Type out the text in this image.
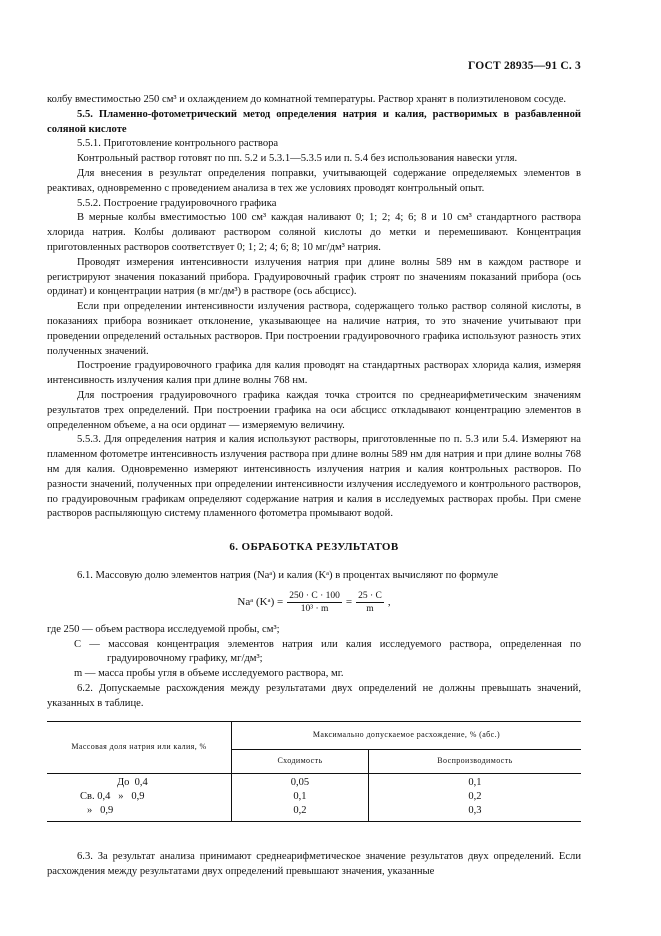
ГОСТ 28935—91 С. 3

колбу вместимостью 250 см³ и охлаждением до комнатной температуры. Раствор хранят в полиэтиленовом сосуде.

5.5. Пламенно-фотометрический метод определения натрия и калия, растворимых в разбавленной соляной кислоте

5.5.1. Приготовление контрольного раствора

Контрольный раствор готовят по пп. 5.2 и 5.3.1—5.3.5 или п. 5.4 без использования навески угля.

Для внесения в результат определения поправки, учитывающей содержание определяемых элементов в реактивах, одновременно с проведением анализа в тех же условиях проводят контрольный опыт.

5.5.2. Построение градуировочного графика

В мерные колбы вместимостью 100 см³ каждая наливают 0; 1; 2; 4; 6; 8 и 10 см³ стандартного раствора хлорида натрия. Колбы доливают раствором соляной кислоты до метки и перемешивают. Концентрация приготовленных растворов соответствует 0; 1; 2; 4; 6; 8; 10 мг/дм³ натрия.

Проводят измерения интенсивности излучения натрия при длине волны 589 нм в каждом растворе и регистрируют значения показаний прибора. Градуировочный график строят по значениям показаний прибора (ось ординат) и концентрации натрия (в мг/дм³) в растворе (ось абсцисс).

Если при определении интенсивности излучения раствора, содержащего только раствор соляной кислоты, в показаниях прибора возникает отклонение, указывающее на наличие натрия, то это значение учитывают при проведении определений остальных растворов. При построении градуировочного графика используют разность этих полученных значений.

Построение градуировочного графика для калия проводят на стандартных растворах хлорида калия, измеряя интенсивность излучения калия при длине волны 768 нм.

Для построения градуировочного графика каждая точка строится по среднеарифметическим значениям результатов трех определений. При построении графика на оси абсцисс откладывают концентрацию элементов в определенном объеме, а на оси ординат — измеряемую величину.

5.5.3. Для определения натрия и калия используют растворы, приготовленные по п. 5.3 или 5.4. Измеряют на пламенном фотометре интенсивность излучения раствора при длине волны 589 нм для натрия и при длине волны 768 нм для калия. Одновременно измеряют интенсивность излучения натрия и калия контрольных растворов. По разности значений, полученных при определении интенсивности излучения исследуемого и контрольного растворов, по градуировочным графикам определяют содержание натрия и калия в исследуемых растворах пробы. При смене растворов распыляющую систему пламенного фотометра промывают водой.

6. ОБРАБОТКА РЕЗУЛЬТАТОВ

6.1. Массовую долю элементов натрия (Naᵃ) и калия (Kᵃ) в процентах вычисляют по формуле

Naᵃ (Kᵃ) = $\frac{250 \cdot C \cdot 100}{\text{10³ · m}} = \frac{25 \cdot C}{m}$ ,

где 250 — объем раствора исследуемой пробы, см³;

C — массовая концентрация элементов натрия или калия исследуемого раствора, определенная по градуировочному графику, мг/дм³;

m — масса пробы угля в объеме исследуемого раствора, мг.

6.2. Допускаемые расхождения между результатами двух определений не должны превышать значений, указанных в таблице.

Массовая доля натрия или калия, %	Максимально допускаемое расхождение, % (абс.)	
	Сходимость	Воспроизводимость
До  0,4	0,05	0,1
Св. 0,4   »   0,9	0,1	0,2
»   0,9	0,2	0,3

6.3. За результат анализа принимают среднеарифметическое значение результатов двух определений. Если расхождения между результатами двух определений превышают значения, указанные
